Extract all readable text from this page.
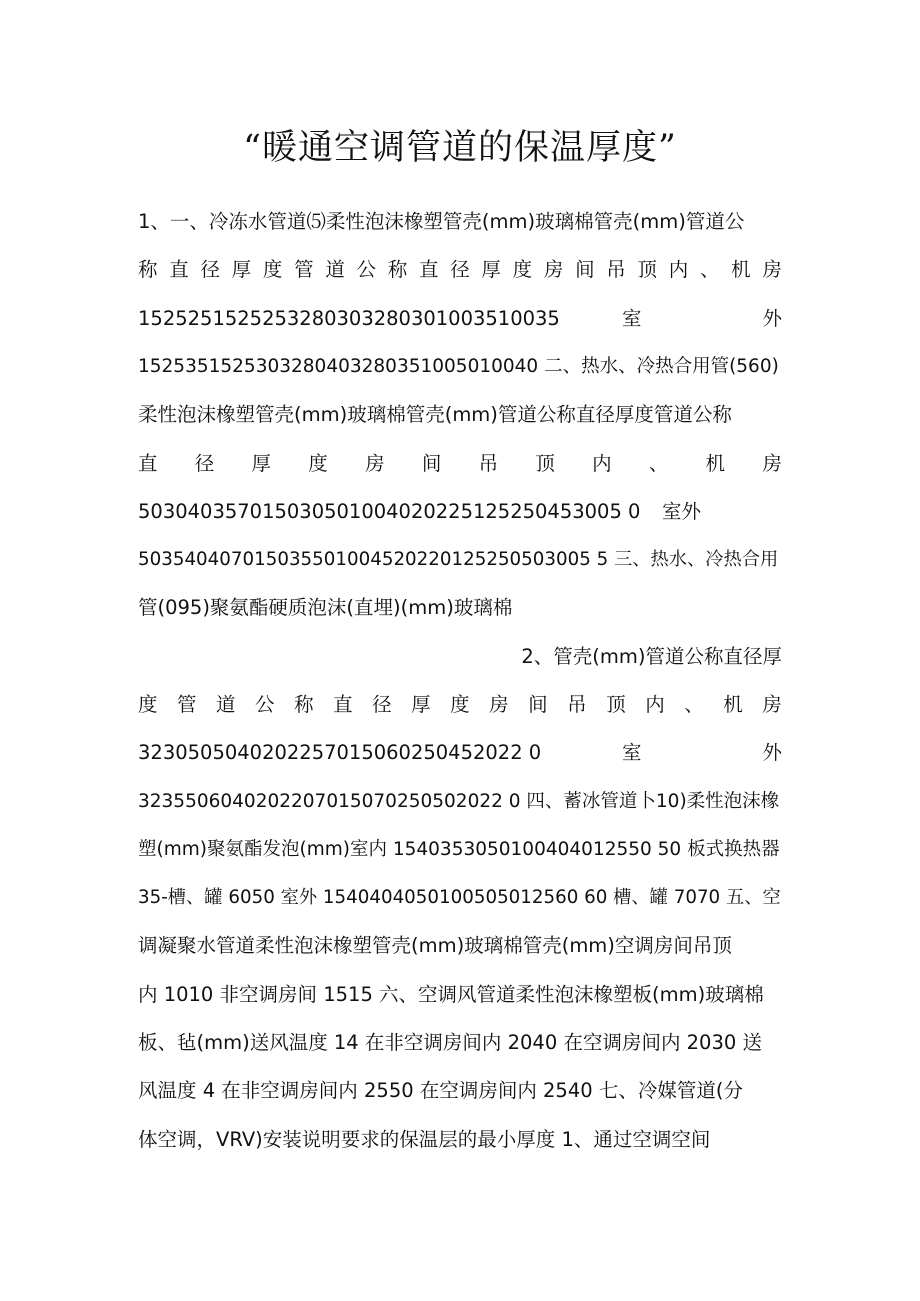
“暖通空调管道的保温厚度”

1、一、冷冻水管道⑸柔性泡沫橡塑管壳(mm)玻璃棉管壳(mm)管道公

称 直 径 厚 度 管 道 公 称 直 径 厚 度 房 间 吊 顶 内 、 机 房

1525251525253280303280301003510035	室	外

1525351525303280403280351005010040 二、热水、冷热合用管(560)

柔性泡沫橡塑管壳(mm)玻璃棉管壳(mm)管道公称直径厚度管道公称

直 径 厚 度 房 间 吊 顶 内 、 机 房

503040357015030501004020225125250453005 0 室外

503540407015035501004520220125250503005 5 三、热水、冷热合用

管(095)聚氨酯硬质泡沫(直埋)(mm)玻璃棉

2、管壳(mm)管道公称直径厚

度 管 道 公 称 直 径 厚 度 房 间 吊 顶 内 、 机 房

3230505040202257015060250452022 0	室	外

3235506040202207015070250502022 0 四、蓄冰管道卜10)柔性泡沫橡

塑(mm)聚氨酯发泡(mm)室内 1540353050100404012550 50 板式换热器

35-槽、罐 6050 室外 1540404050100505012560 60 槽、罐 7070 五、空

调凝聚水管道柔性泡沫橡塑管壳(mm)玻璃棉管壳(mm)空调房间吊顶

内 1010 非空调房间 1515 六、空调风管道柔性泡沫橡塑板(mm)玻璃棉

板、毡(mm)送风温度 14 在非空调房间内 2040 在空调房间内 2030 送

风温度 4 在非空调房间内 2550 在空调房间内 2540 七、冷媒管道(分

体空调，VRV)安装说明要求的保温层的最小厚度 1、通过空调空间
